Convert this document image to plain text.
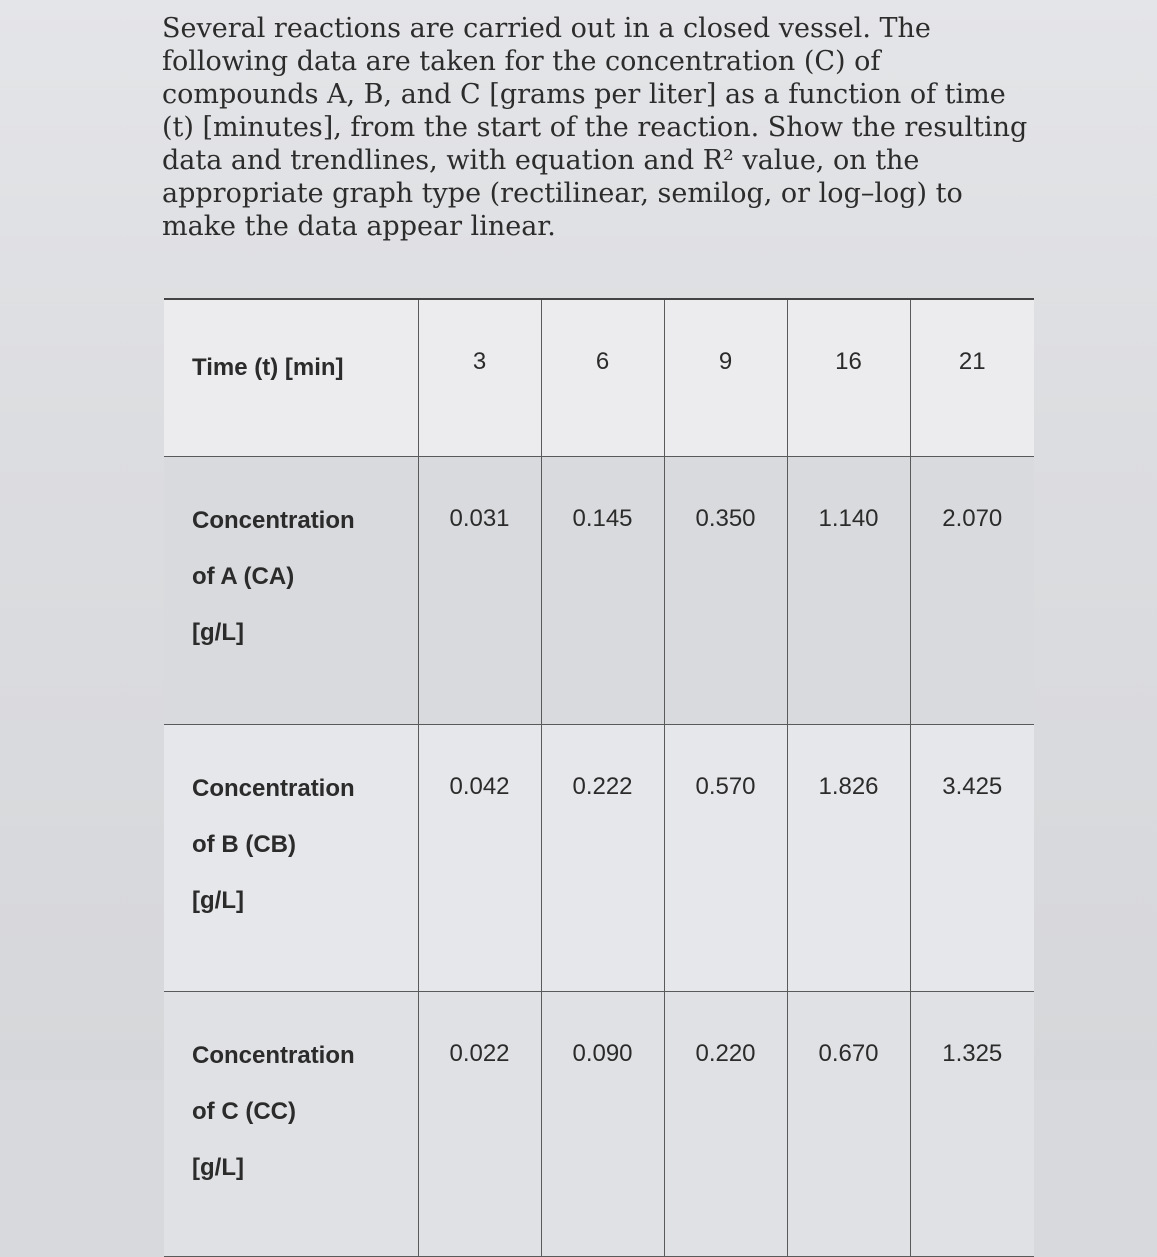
Several reactions are carried out in a closed vessel. The

following data are taken for the concentration (C) of

compounds A, B, and C [grams per liter] as a function of time

(t) [minutes], from the start of the reaction. Show the resulting

data and trendlines, with equation and R² value, on the

appropriate graph type (rectilinear, semilog, or log–log) to

make the data appear linear.

Time (t) [min]	3	6	9	16	21

Concentration
of A (CA)
[g/L]	0.031	0.145	0.350	1.140	2.070

Concentration
of B (CB)
[g/L]	0.042	0.222	0.570	1.826	3.425

Concentration
of C (CC)
[g/L]	0.022	0.090	0.220	0.670	1.325
